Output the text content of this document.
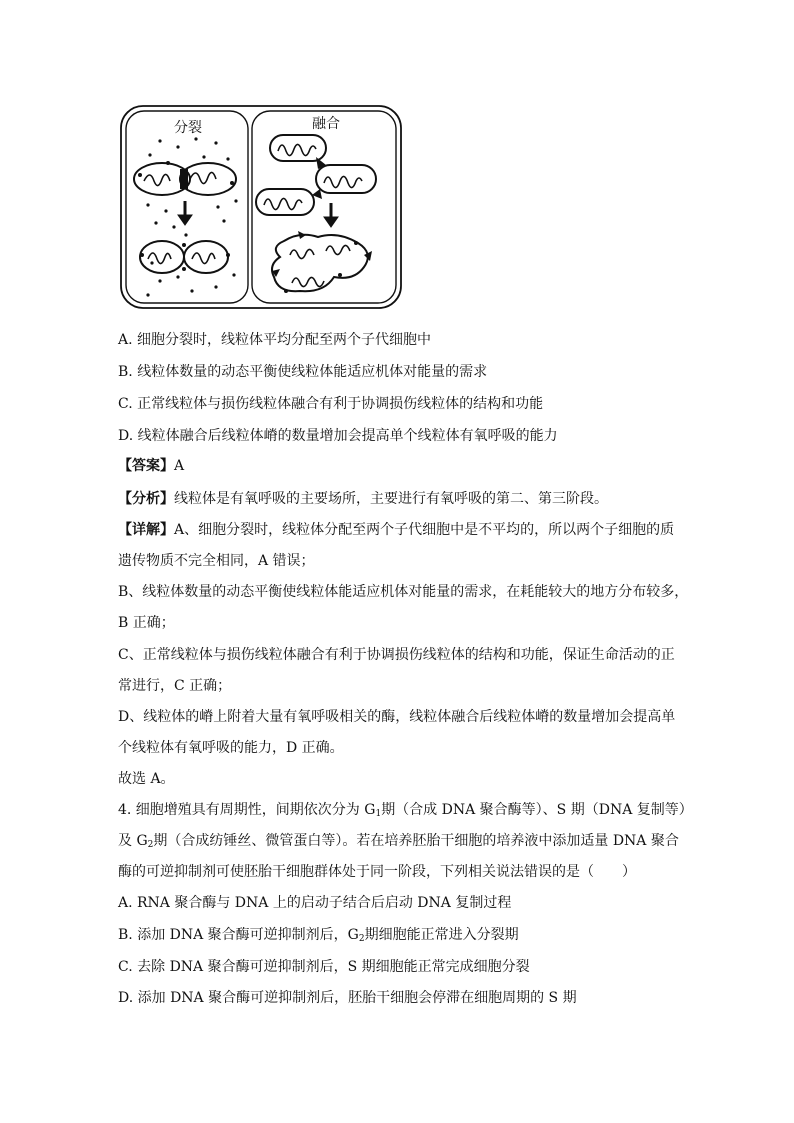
分裂	融合
A. 细胞分裂时，线粒体平均分配至两个子代细胞中
B. 线粒体数量的动态平衡使线粒体能适应机体对能量的需求
C. 正常线粒体与损伤线粒体融合有利于协调损伤线粒体的结构和功能
D. 线粒体融合后线粒体嵴的数量增加会提高单个线粒体有氧呼吸的能力
【答案】A
【分析】线粒体是有氧呼吸的主要场所，主要进行有氧呼吸的第二、第三阶段。
【详解】A、细胞分裂时，线粒体分配至两个子代细胞中是不平均的，所以两个子细胞的质
遗传物质不完全相同，A 错误；
B、线粒体数量的动态平衡使线粒体能适应机体对能量的需求，在耗能较大的地方分布较多，
B 正确；
C、正常线粒体与损伤线粒体融合有利于协调损伤线粒体的结构和功能，保证生命活动的正
常进行，C 正确；
D、线粒体的嵴上附着大量有氧呼吸相关的酶，线粒体融合后线粒体嵴的数量增加会提高单
个线粒体有氧呼吸的能力，D 正确。
故选 A。
4. 细胞增殖具有周期性，间期依次分为 $G_1$期（合成 DNA 聚合酶等）、S 期（DNA 复制等）
及 $G_2$期（合成纺锤丝、微管蛋白等）。若在培养胚胎干细胞的培养液中添加适量 DNA 聚合
酶的可逆抑制剂可使胚胎干细胞群体处于同一阶段，下列相关说法错误的是（　　）
A. RNA 聚合酶与 DNA 上的启动子结合后启动 DNA 复制过程
B. 添加 DNA 聚合酶可逆抑制剂后，$G_2$期细胞能正常进入分裂期
C. 去除 DNA 聚合酶可逆抑制剂后，S 期细胞能正常完成细胞分裂
D. 添加 DNA 聚合酶可逆抑制剂后，胚胎干细胞会停滞在细胞周期的 S 期
